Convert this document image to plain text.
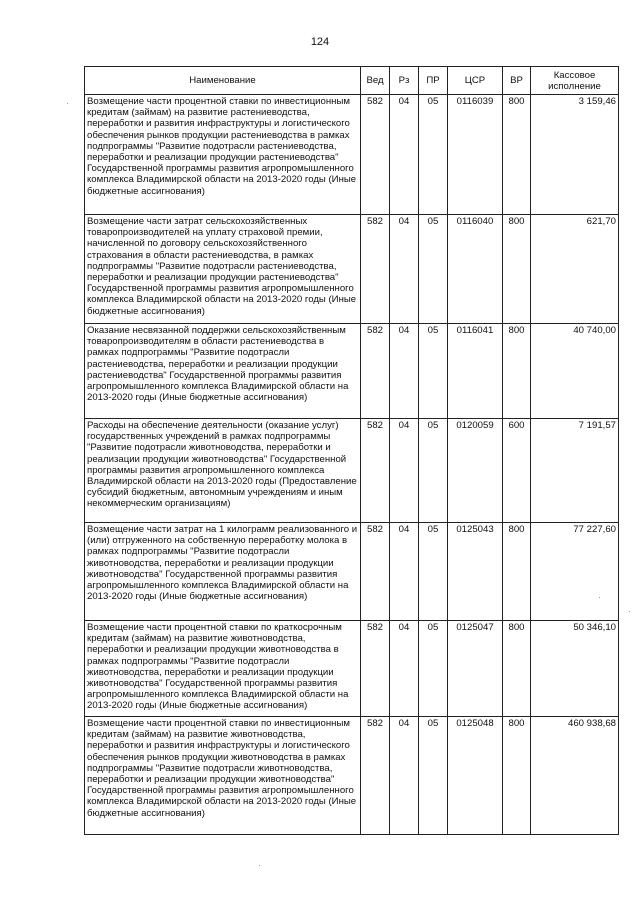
124
·
·
·
·
Наименование	Вед	Рз	ПР	ЦСР	ВР	Кассовое исполнение
Возмещение части процентной ставки по инвестиционным кредитам (займам) на развитие растениеводства, переработки и развития инфраструктуры и логистического обеспечения рынков продукции растениеводства в рамках подпрограммы "Развитие подотрасли растениеводства, переработки и реализации продукции растениеводства" Государственной программы развития агропромышленного комплекса Владимирской области на 2013-2020 годы (Иные бюджетные ассигнования)	582	04	05	0116039	800	3 159,46
Возмещение части затрат сельскохозяйственных товаропроизводителей на уплату страховой премии, начисленной по договору сельскохозяйственного страхования в области растениеводства, в рамках подпрограммы "Развитие подотрасли растениеводства, переработки и реализации продукции растениеводства" Государственной программы развития агропромышленного комплекса Владимирской области на 2013-2020 годы (Иные бюджетные ассигнования)	582	04	05	0116040	800	621,70
Оказание несвязанной поддержки сельскохозяйственным товаропроизводителям в области растениеводства в рамках подпрограммы "Развитие подотрасли растениеводства, переработки и реализации продукции растениеводства" Государственной программы развития агропромышленного комплекса Владимирской области на 2013-2020 годы (Иные бюджетные ассигнования)	582	04	05	0116041	800	40 740,00
Расходы на обеспечение деятельности (оказание услуг) государственных учреждений в рамках подпрограммы "Развитие подотрасли животноводства, переработки и реализации продукции животноводства" Государственной программы развития агропромышленного комплекса Владимирской области на 2013-2020 годы (Предоставление субсидий бюджетным, автономным учреждениям и иным некоммерческим организациям)	582	04	05	0120059	600	7 191,57
Возмещение части затрат на 1 килограмм реализованного и (или) отгруженного на собственную переработку молока в рамках подпрограммы "Развитие подотрасли животноводства, переработки и реализации продукции животноводства" Государственной программы развития агропромышленного комплекса Владимирской области на 2013-2020 годы (Иные бюджетные ассигнования)	582	04	05	0125043	800	77 227,60
Возмещение части процентной ставки по краткосрочным кредитам (займам) на развитие животноводства, переработки и реализации продукции животноводства в рамках подпрограммы "Развитие подотрасли животноводства, переработки и реализации продукции животноводства" Государственной программы развития агропромышленного комплекса Владимирской области на 2013-2020 годы (Иные бюджетные ассигнования)	582	04	05	0125047	800	50 346,10
Возмещение части процентной ставки по инвестиционным кредитам (займам) на развитие животноводства, переработки и развития инфраструктуры и логистического обеспечения рынков продукции животноводства в рамках подпрограммы "Развитие подотрасли животноводства, переработки и реализации продукции животноводства" Государственной программы развития агропромышленного комплекса Владимирской области на 2013-2020 годы (Иные бюджетные ассигнования)	582	04	05	0125048	800	460 938,68
